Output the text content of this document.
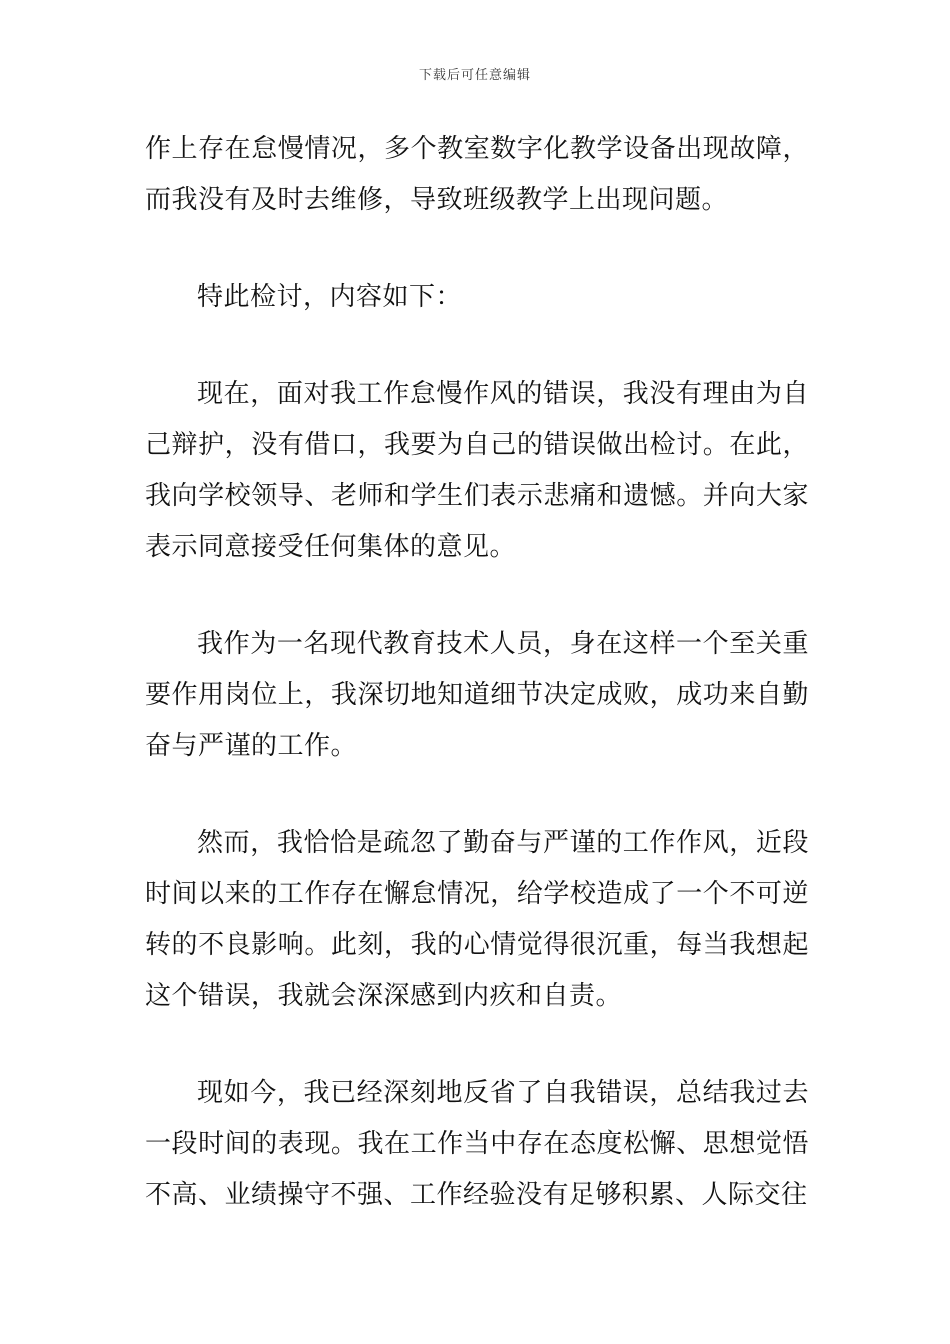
下载后可任意编辑

作上存在怠慢情况，多个教室数字化教学设备出现故障，而我没有及时去维修，导致班级教学上出现问题。

特此检讨，内容如下：

现在，面对我工作怠慢作风的错误，我没有理由为自己辩护，没有借口，我要为自己的错误做出检讨。在此，我向学校领导、老师和学生们表示悲痛和遗憾。并向大家表示同意接受任何集体的意见。

我作为一名现代教育技术人员，身在这样一个至关重要作用岗位上，我深切地知道细节决定成败，成功来自勤奋与严谨的工作。

然而，我恰恰是疏忽了勤奋与严谨的工作作风，近段时间以来的工作存在懈怠情况，给学校造成了一个不可逆转的不良影响。此刻，我的心情觉得很沉重，每当我想起这个错误，我就会深深感到内疚和自责。

现如今，我已经深刻地反省了自我错误，总结我过去一段时间的表现。我在工作当中存在态度松懈、思想觉悟不高、业绩操守不强、工作经验没有足够积累、人际交往
